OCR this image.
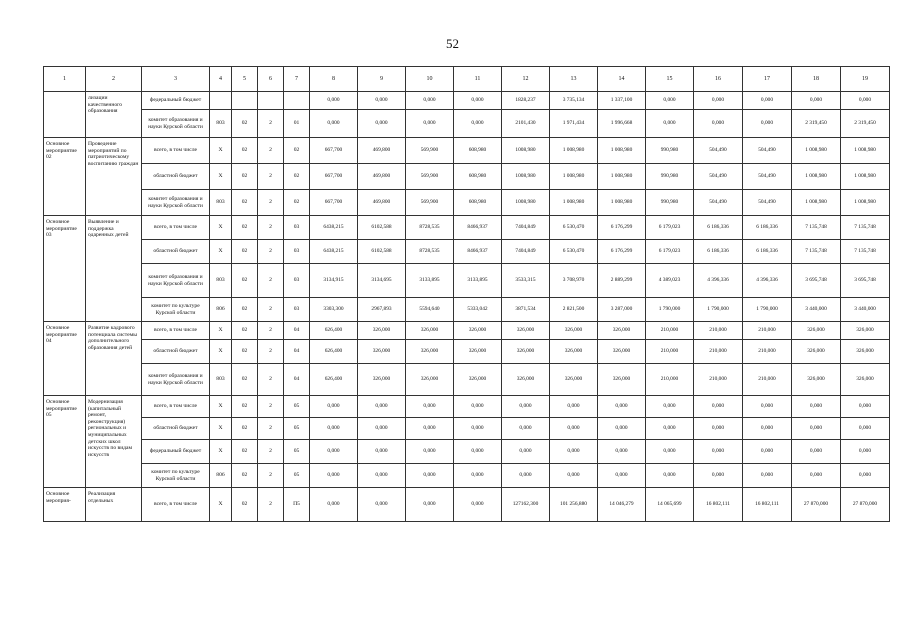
52
1	2	3	4	5	6	7	8	9	10	11	12	13	14	15	16	17	18	19
	лизации качественного образования	федеральный бюджет					0,000	0,000	0,000	0,000	1828,237	3 735,134	1 337,100	0,000	0,000	0,000	0,000	0,000
		комитет образования и науки Курской области	803	02	2	01	0,000	0,000	0,000	0,000	2101,430	1 971,434	1 996,668	0,000	0,000	0,000	2 319,450	2 319,450
Основное мероприятие 02	Проведение мероприятий по патриотическому воспитанию граждан	всего, в том числе	Х	02	2	02	667,700	469,800	569,900	608,980	1008,980	1 008,980	1 008,980	990,980	504,490	504,490	1 008,980	1 008,980
		областной бюджет	Х	02	2	02	667,700	469,800	569,900	608,980	1008,980	1 008,980	1 008,980	990,980	504,490	504,490	1 008,980	1 008,980
		комитет образования и науки Курской области	803	02	2	02	667,700	469,800	569,900	608,980	1008,980	1 008,980	1 008,980	990,980	504,490	504,490	1 008,980	1 008,980
Основное мероприятие 03	Выявление и поддержка одаренных детей	всего, в том числе	Х	02	2	03	6438,215	6102,588	8728,535	8466,937	7404,849	6 530,470	6 176,299	6 179,023	6 186,336	6 186,336	7 135,748	7 135,748
		областной бюджет	Х	02	2	03	6438,215	6102,588	8728,535	8466,937	7404,849	6 530,470	6 176,299	6 179,023	6 186,336	6 186,336	7 135,748	7 135,748
		комитет образования и науки Курской области	803	02	2	03	3134,915	3134,695	3133,895	3133,895	3533,315	3 708,970	2 889,299	4 389,023	4 396,336	4 396,336	3 695,748	3 695,748
		комитет по культуре Курской области	806	02	2	03	3303,300	2967,893	5594,640	5333,042	3871,534	2 821,500	3 287,000	1 790,000	1 790,000	1 790,000	3 440,000	3 440,000
Основное мероприятие 04	Развитие кадрового потенциала системы дополнительного образования детей	всего, в том числе	Х	02	2	04	626,400	326,000	326,000	326,000	326,000	326,000	326,000	210,000	210,000	210,000	326,000	326,000
		областной бюджет	Х	02	2	04	626,400	326,000	326,000	326,000	326,000	326,000	326,000	210,000	210,000	210,000	326,000	326,000
		комитет образования и науки Курской области	803	02	2	04	626,400	326,000	326,000	326,000	326,000	326,000	326,000	210,000	210,000	210,000	326,000	326,000
Основное мероприятие 05	Модернизация (капитальный ремонт, реконструкция) региональных и муниципальных детских школ искусств по видам искусств	всего, в том числе	Х	02	2	05	0,000	0,000	0,000	0,000	0,000	0,000	0,000	0,000	0,000	0,000	0,000	0,000
		областной бюджет	Х	02	2	05	0,000	0,000	0,000	0,000	0,000	0,000	0,000	0,000	0,000	0,000	0,000	0,000
		федеральный бюджет	Х	02	2	05	0,000	0,000	0,000	0,000	0,000	0,000	0,000	0,000	0,000	0,000	0,000	0,000
		комитет по культуре Курской области	806	02	2	05	0,000	0,000	0,000	0,000	0,000	0,000	0,000	0,000	0,000	0,000	0,000	0,000
Основное мероприя-	Реализация отдельных	всего, в том числе	Х	02	2	П5	0,000	0,000	0,000	0,000	127162,300	101 256,880	14 046,279	14 065,699	16 802,111	16 802,111	27 870,000	27 870,000
